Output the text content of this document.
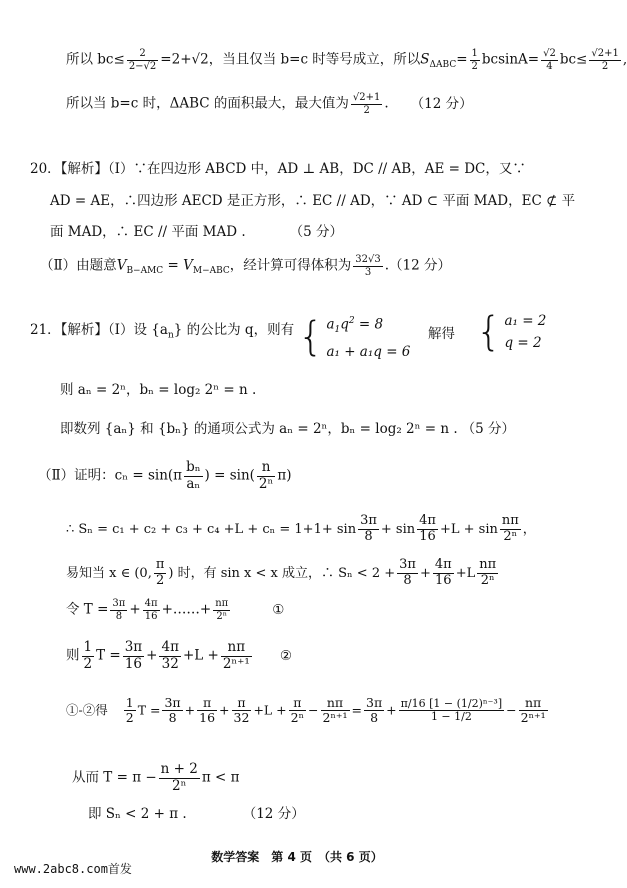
所以 $bc\le \frac{2}{2-√2} =2+√2$，当且仅当 b=c 时等号成立，所以$S_{\Delta ABC}= \frac{1}{2} bcsinA= \frac{√2}{4} bc\le \frac{√2+1}{2}$ ,
所以当 b=c 时，ΔABC 的面积最大，最大值为 $\frac{√2+1}{2}$ . （12 分）
20．【解析】（Ⅰ）∵在四边形 ABCD 中，AD ⊥ AB，DC // AB，AE = DC，又∵
AD = AE，∴四边形 AECD 是正方形，∴ EC // AD，∵ AD ⊂ 平面 MAD，EC ⊄ 平
面 MAD，∴ EC // 平面 MAD .	（5 分）
（Ⅱ）由题意$V_{B-AMC} = V_{M-ABC}$，经计算可得体积为 $\frac{32√3}{3} .(12$ 分）
21．【解析】（Ⅰ）设 $\{a_n\}$ 的公比为 q，则有 { $a_1q^2 = 8$
a₁ + a₁q = 6
解得 { a₁ = 2
q = 2
则 aₙ = 2ⁿ，bₙ = log₂ 2ⁿ = n .
即数列 {aₙ} 和 {bₙ} 的通项公式为 aₙ = 2ⁿ，bₙ = log₂ 2ⁿ = n . （5 分）
（Ⅱ）证明：$c_n = \sin(\pi \frac{\text{bₙ}}{\text{aₙ}}$ ) = $\sin( \frac{n}{\text{2ⁿ}} \pi)$
∴ $S_n = c_1 + c_2 + c_3 + c_4 +L + c_n = 1+1+ \sin \frac{3\pi}{8} + \sin \frac{4\pi}{16} +L + \sin \frac{n\pi}{\text{2ⁿ}}$ ，
易知当 x ∈ (0, $\frac{\pi}{2}$ ) 时，有 sin x < x 成立，∴ $S_n < 2 + \frac{3\pi}{8} + \frac{4\pi}{16} +L \frac{n\pi}{\text{2ⁿ}}$
令 $T = \frac{3\pi}{8} + \frac{4\pi}{16}$ +……+ $\frac{n\pi}{\text{2ⁿ}}$	①
则 $\frac{1}{2}$ $T = \frac{3\pi}{16} + \frac{4\pi}{32} +L + \frac{n\pi}{\text{2ⁿ⁺¹}}$ ②
①-②得 $\frac{1}{2}$ $T = \frac{3\pi}{8} + \frac{\pi}{16} + \frac{\pi}{32} +L + \frac{\pi}{\text{2ⁿ}} - \frac{n\pi}{\text{2ⁿ⁺¹}} = \frac{3\pi}{8} + \frac{\text{π/16 [1 − (1/2)ⁿ⁻³]}}{1 - 1/2} - \frac{n\pi}{\text{2ⁿ⁺¹}}$
从而 $T = \pi - \frac{n + 2}{\text{2ⁿ}}$ π < π
即 Sₙ < 2 + π .	（12 分）
数学答案　第 4 页　（共 6 页）
www.2abc8.com首发
